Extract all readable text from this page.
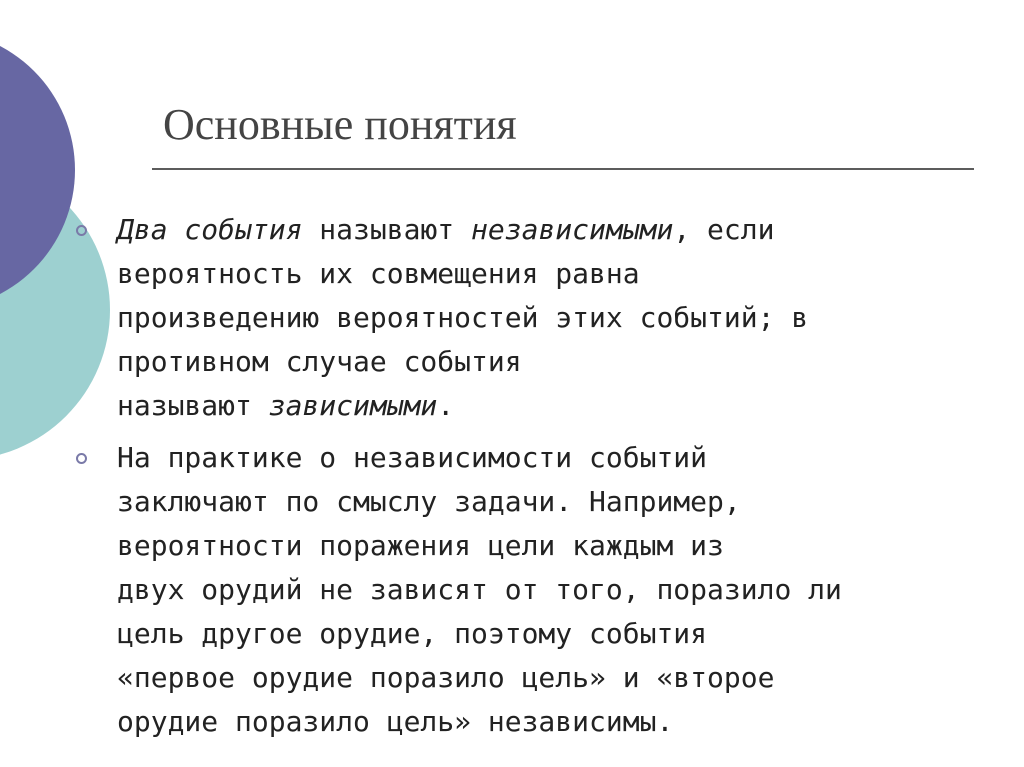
Основные понятия
Два события называют независимыми, если
вероятность их совмещения равна
произведению вероятностей этих событий; в
противном случае события
называют зависимыми.
На практике о независимости событий
заключают по смыслу задачи. Например,
вероятности поражения цели каждым из
двух орудий не зависят от того, поразило ли
цель другое орудие, поэтому события
«первое орудие поразило цель» и «второе
орудие поразило цель» независимы.
